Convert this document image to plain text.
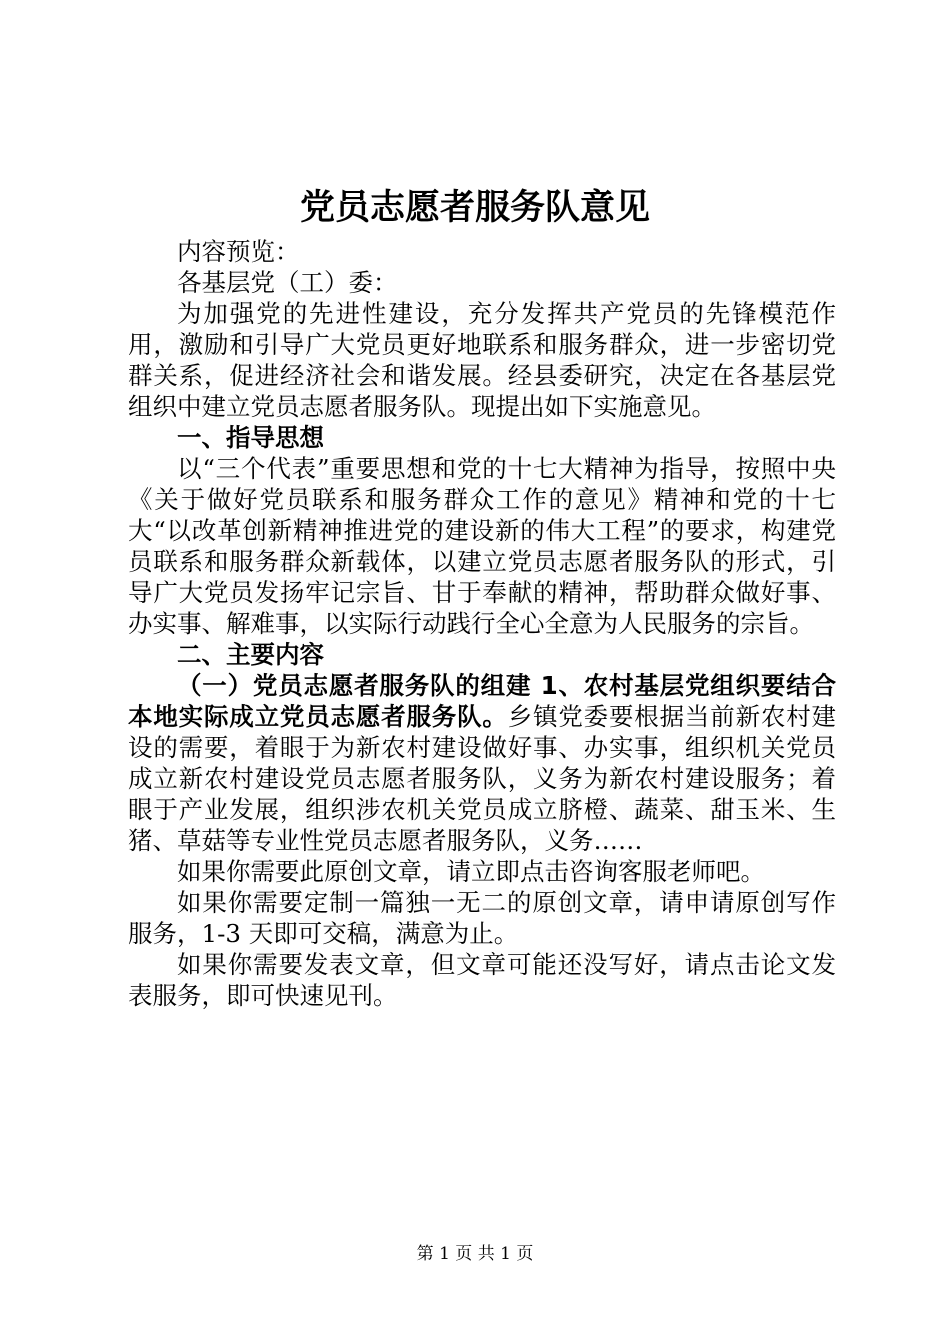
党员志愿者服务队意见

内容预览：

各基层党（工）委：

为加强党的先进性建设，充分发挥共产党员的先锋模范作用，激励和引导广大党员更好地联系和服务群众，进一步密切党群关系，促进经济社会和谐发展。经县委研究，决定在各基层党组织中建立党员志愿者服务队。现提出如下实施意见。

一、指导思想

以“三个代表”重要思想和党的十七大精神为指导，按照中央《关于做好党员联系和服务群众工作的意见》精神和党的十七大“以改革创新精神推进党的建设新的伟大工程”的要求，构建党员联系和服务群众新载体，以建立党员志愿者服务队的形式，引导广大党员发扬牢记宗旨、甘于奉献的精神，帮助群众做好事、办实事、解难事，以实际行动践行全心全意为人民服务的宗旨。

二、主要内容

（一）党员志愿者服务队的组建 1、农村基层党组织要结合本地实际成立党员志愿者服务队。乡镇党委要根据当前新农村建设的需要，着眼于为新农村建设做好事、办实事，组织机关党员成立新农村建设党员志愿者服务队，义务为新农村建设服务；着眼于产业发展，组织涉农机关党员成立脐橙、蔬菜、甜玉米、生猪、草菇等专业性党员志愿者服务队，义务……

如果你需要此原创文章，请立即点击咨询客服老师吧。

如果你需要定制一篇独一无二的原创文章，请申请原创写作服务，1-3 天即可交稿，满意为止。

如果你需要发表文章，但文章可能还没写好，请点击论文发表服务，即可快速见刊。

第 1 页 共 1 页
